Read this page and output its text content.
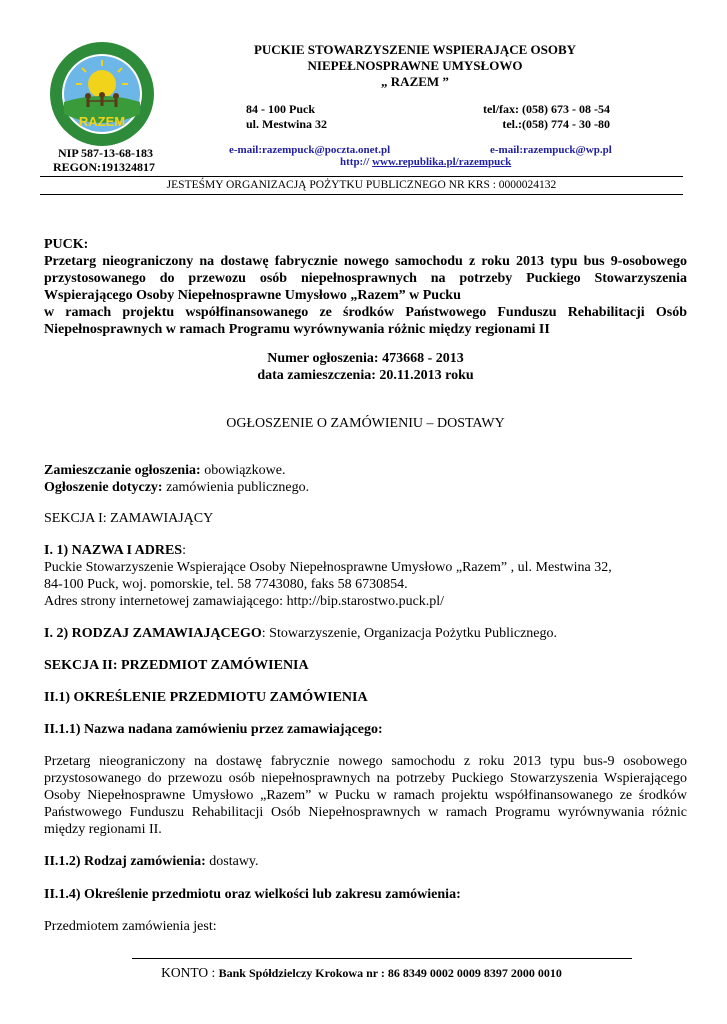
RAZEM
PUCKIE STOWARZYSZENIE WSPIERAJĄCE OSOBY
NIEPEŁNOSPRAWNE UMYSŁOWO
„ RAZEM ”
84 - 100 Puck
ul. Mestwina 32
tel/fax: (058) 673 - 08 -54
tel.:(058) 774 - 30 -80
e-mail:razempuck@poczta.onet.pl	e-mail:razempuck@wp.pl
http:// www.republika.pl/razempuck
NIP 587-13-68-183
REGON:191324817
JESTEŚMY ORGANIZACJĄ POŻYTKU PUBLICZNEGO NR KRS : 0000024132
PUCK:
Przetarg nieograniczony na dostawę fabrycznie nowego samochodu z roku 2013 typu bus 9-osobowego
przystosowanego do przewozu osób niepełnosprawnych na potrzeby Puckiego Stowarzyszenia
Wspierającego Osoby Niepełnosprawne Umysłowo „Razem” w Pucku
w ramach projektu współfinansowanego ze środków Państwowego Funduszu Rehabilitacji Osób
Niepełnosprawnych w ramach Programu wyrównywania różnic między regionami II
Numer ogłoszenia: 473668 - 2013
data zamieszczenia: 20.11.2013 roku
OGŁOSZENIE O ZAMÓWIENIU – DOSTAWY
Zamieszczanie ogłoszenia: obowiązkowe.
Ogłoszenie dotyczy: zamówienia publicznego.
SEKCJA I: ZAMAWIAJĄCY
I. 1) NAZWA I ADRES:
Puckie Stowarzyszenie Wspierające Osoby Niepełnosprawne Umysłowo „Razem” , ul. Mestwina 32,
84-100 Puck, woj. pomorskie, tel. 58 7743080, faks 58 6730854.
Adres strony internetowej zamawiającego: http://bip.starostwo.puck.pl/
I. 2) RODZAJ ZAMAWIAJĄCEGO: Stowarzyszenie, Organizacja Pożytku Publicznego.
SEKCJA II: PRZEDMIOT ZAMÓWIENIA
II.1) OKREŚLENIE PRZEDMIOTU ZAMÓWIENIA
II.1.1) Nazwa nadana zamówieniu przez zamawiającego:
Przetarg nieograniczony na dostawę fabrycznie nowego samochodu z roku 2013 typu bus-9 osobowego
przystosowanego do przewozu osób niepełnosprawnych na potrzeby Puckiego Stowarzyszenia Wspierającego
Osoby Niepełnosprawne Umysłowo „Razem” w Pucku w ramach projektu współfinansowanego ze środków
Państwowego Funduszu Rehabilitacji Osób Niepełnosprawnych w ramach Programu wyrównywania różnic
między regionami II.
II.1.2) Rodzaj zamówienia: dostawy.
II.1.4) Określenie przedmiotu oraz wielkości lub zakresu zamówienia:
Przedmiotem zamówienia jest:
KONTO : Bank Spółdzielczy Krokowa nr : 86 8349 0002 0009 8397 2000 0010
